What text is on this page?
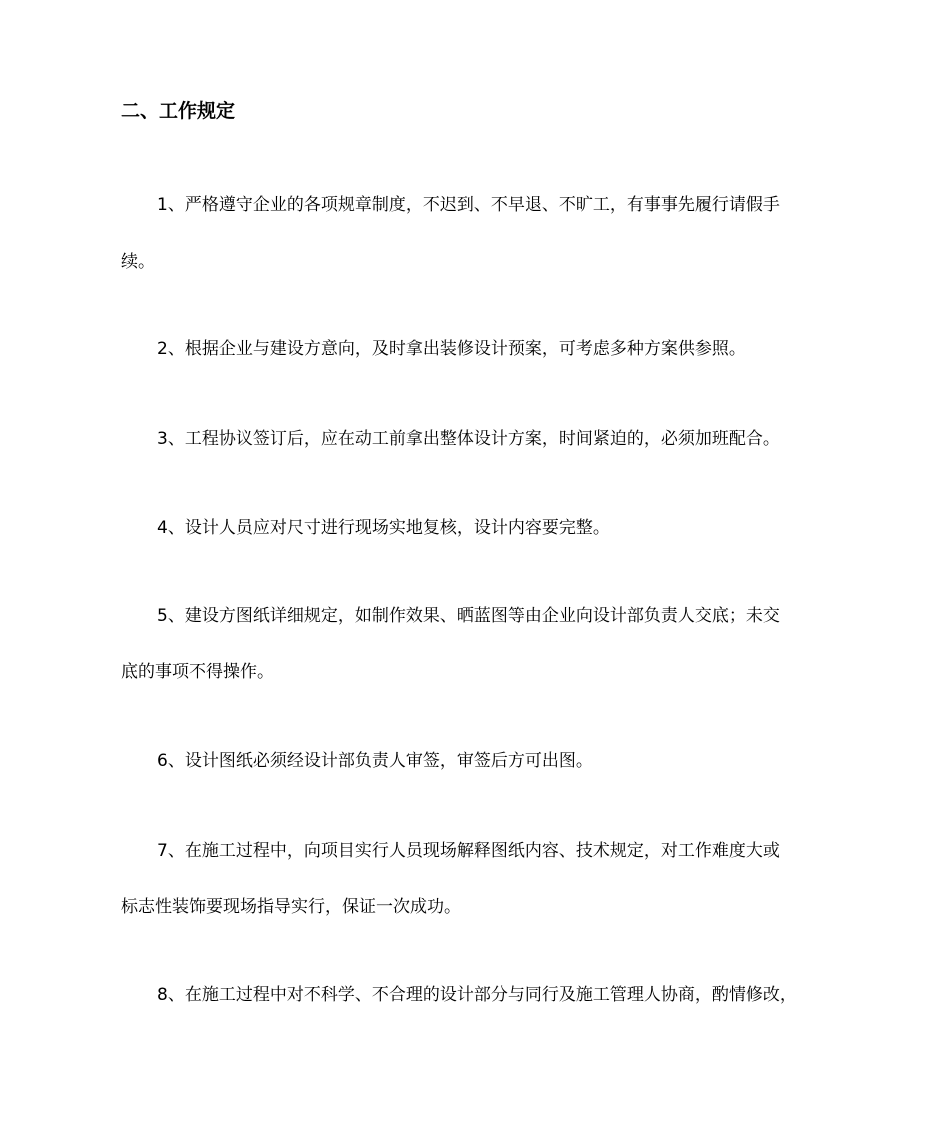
二、工作规定
1、严格遵守企业的各项规章制度，不迟到、不早退、不旷工，有事事先履行请假手
续。
2、根据企业与建设方意向，及时拿出装修设计预案，可考虑多种方案供参照。
3、工程协议签订后，应在动工前拿出整体设计方案，时间紧迫的，必须加班配合。
4、设计人员应对尺寸进行现场实地复核，设计内容要完整。
5、建设方图纸详细规定，如制作效果、晒蓝图等由企业向设计部负责人交底；未交
底的事项不得操作。
6、设计图纸必须经设计部负责人审签，审签后方可出图。
7、在施工过程中，向项目实行人员现场解释图纸内容、技术规定，对工作难度大或
标志性装饰要现场指导实行，保证一次成功。
8、在施工过程中对不科学、不合理的设计部分与同行及施工管理人协商，酌情修改，
